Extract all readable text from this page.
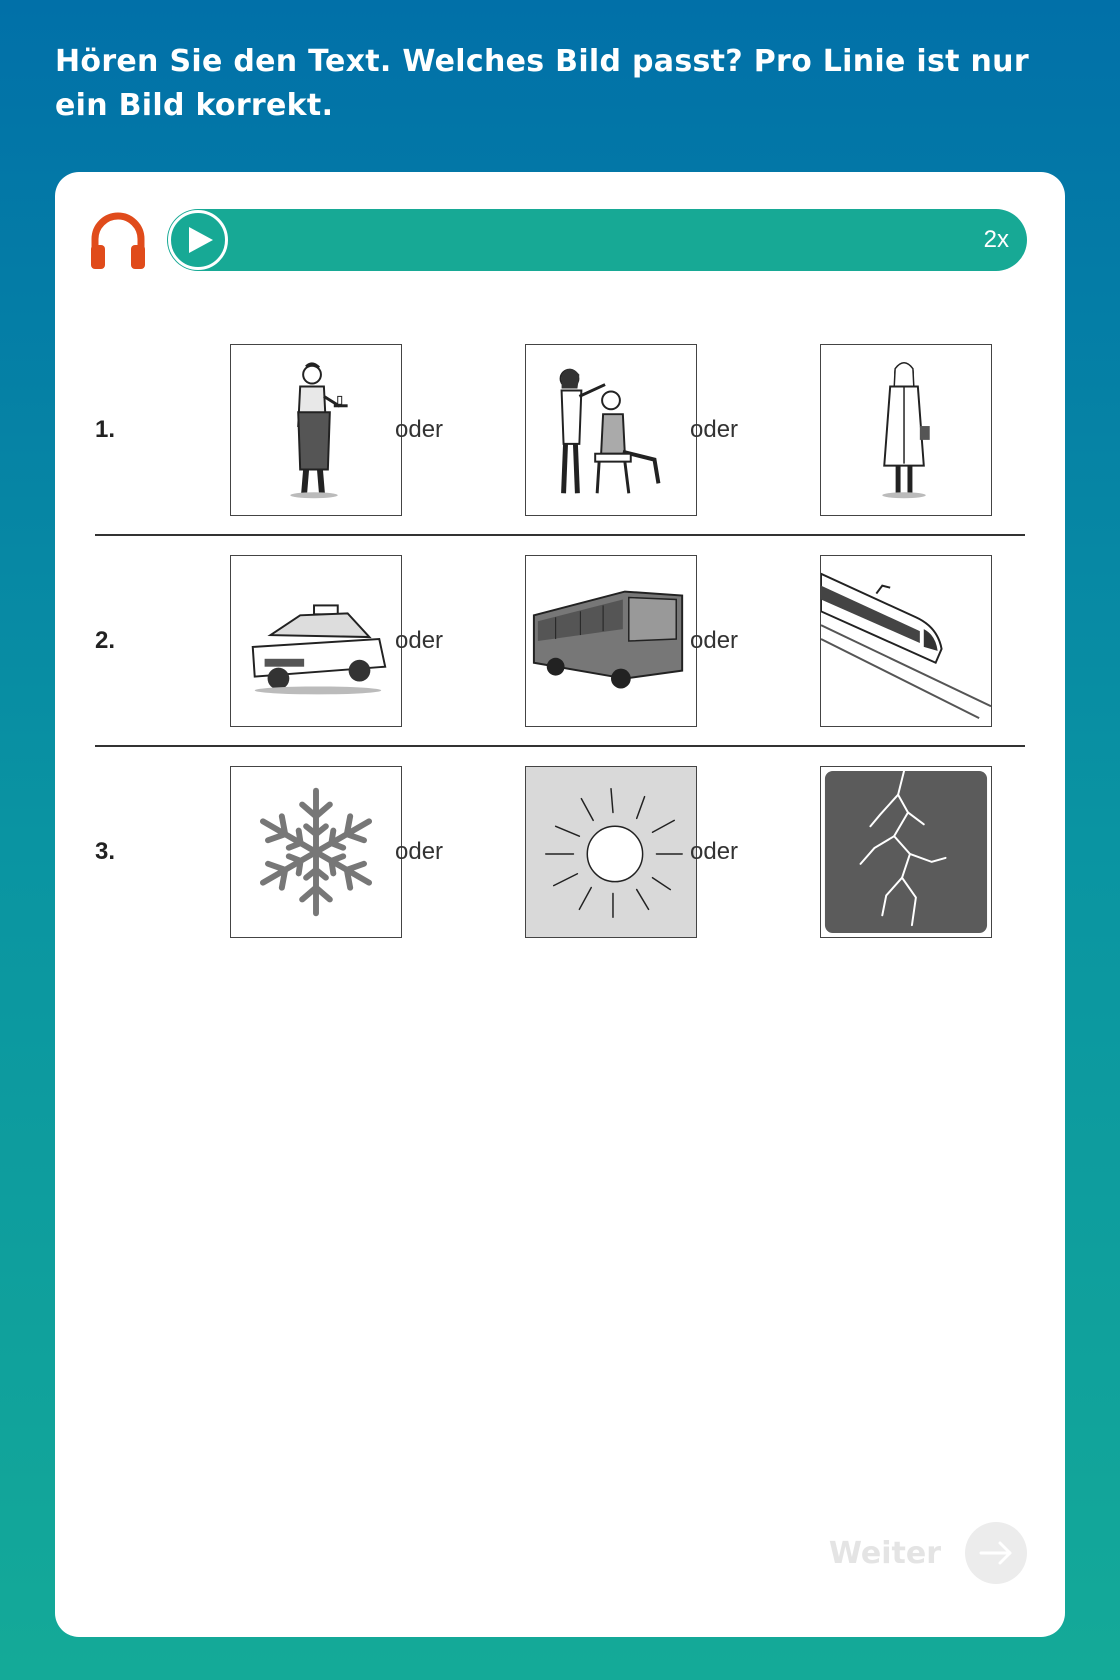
Hören Sie den Text. Welches Bild passt? Pro Linie ist nur ein Bild korrekt.

2x
1.	oder	oder
2.	oder	oder
3.	oder	oder
Weiter
